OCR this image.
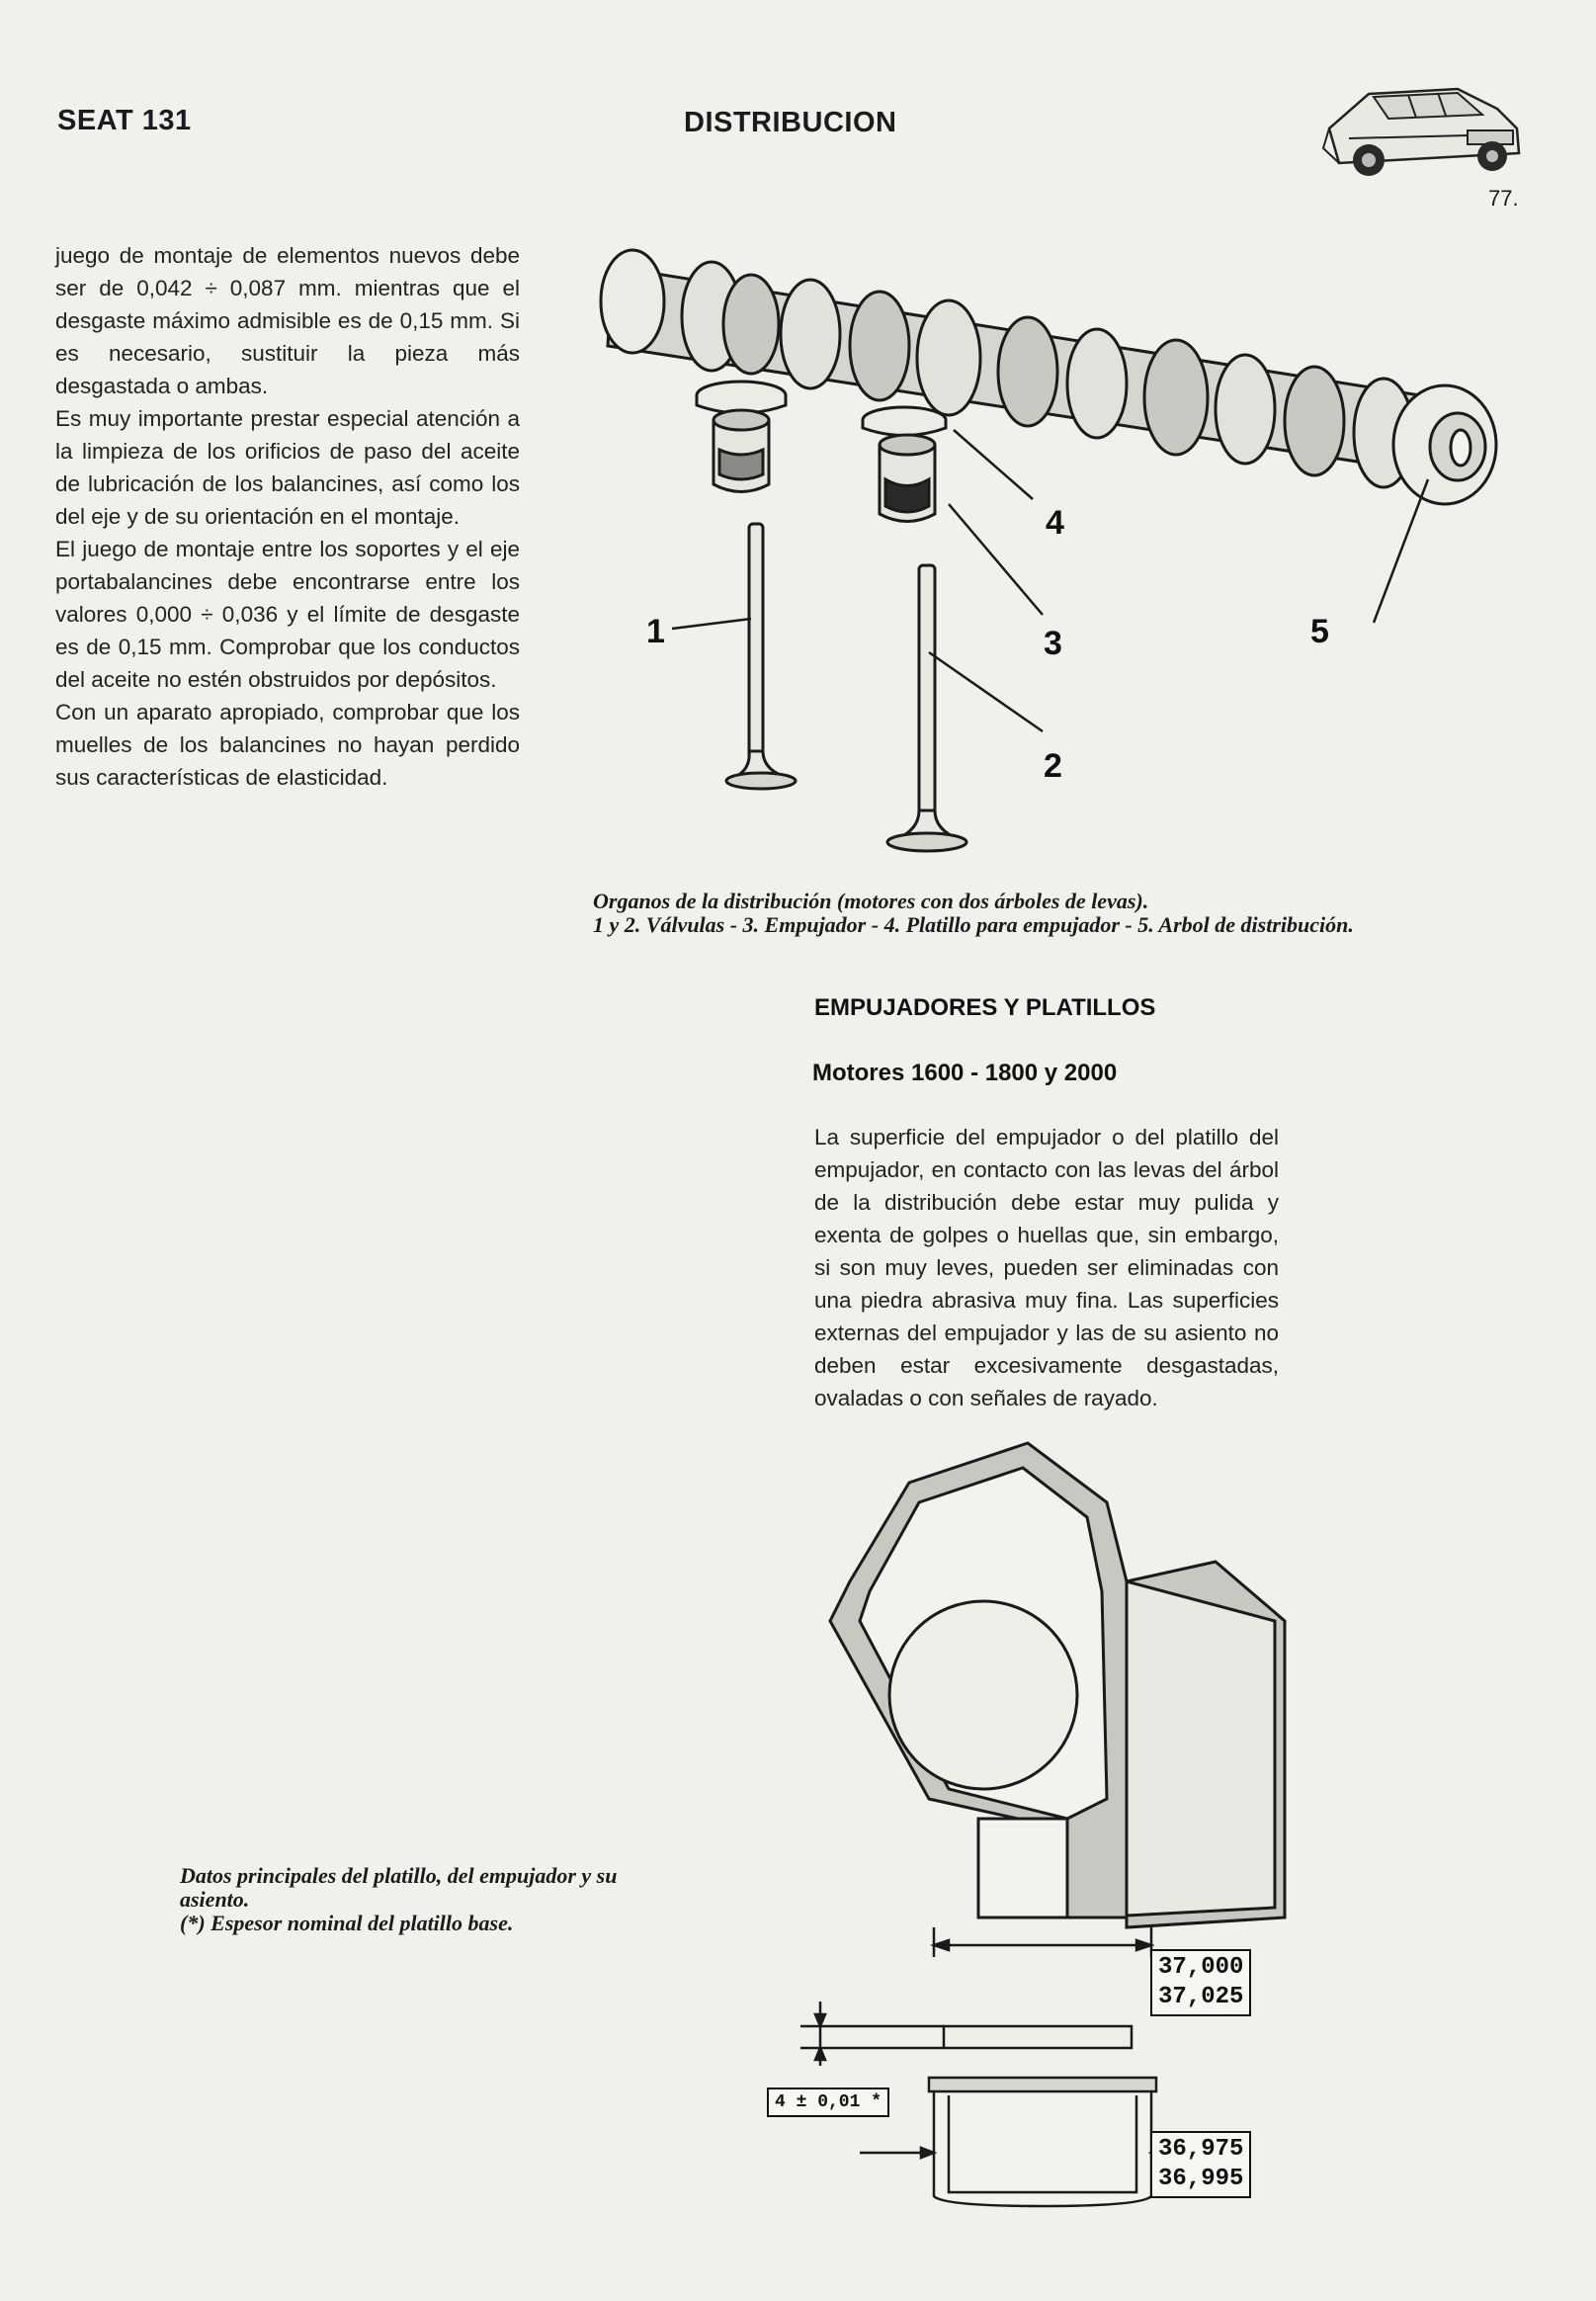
SEAT 131	DISTRIBUCION
77.

juego de montaje de elementos nuevos debe ser de 0,042 ÷ 0,087 mm. mientras que el desgaste máximo admisible es de 0,15 mm. Si es necesario, sustituir la pieza más desgastada o ambas.

Es muy importante prestar especial atención a la limpieza de los orificios de paso del aceite de lubricación de los balancines, así como los del eje y de su orientación en el montaje.

El juego de montaje entre los soportes y el eje portabalancines debe encontrarse entre los valores 0,000 ÷ 0,036 y el límite de desgaste es de 0,15 mm. Comprobar que los conductos del aceite no estén obstruidos por depósitos.

Con un aparato apropiado, comprobar que los muelles de los balancines no hayan perdido sus características de elasticidad.

1
2
3
4
5

Organos de la distribución (motores con dos árboles de levas).

1 y 2. Válvulas - 3. Empujador - 4. Platillo para empujador - 5. Arbol de distribución.

EMPUJADORES Y PLATILLOS
Motores 1600 - 1800 y 2000
La superficie del empujador o del platillo del empujador, en contacto con las levas del árbol de la distribución debe estar muy pulida y exenta de golpes o huellas que, sin embargo, si son muy leves, pueden ser eliminadas con una piedra abrasiva muy fina. Las superficies externas del empujador y las de su asiento no deben estar excesivamente desgastadas, ovaladas o con señales de rayado.
37,000
37,025
4 ± 0,01 *
36,975
36,995

Datos principales del platillo, del empujador y su asiento.

(*) Espesor nominal del platillo base.
